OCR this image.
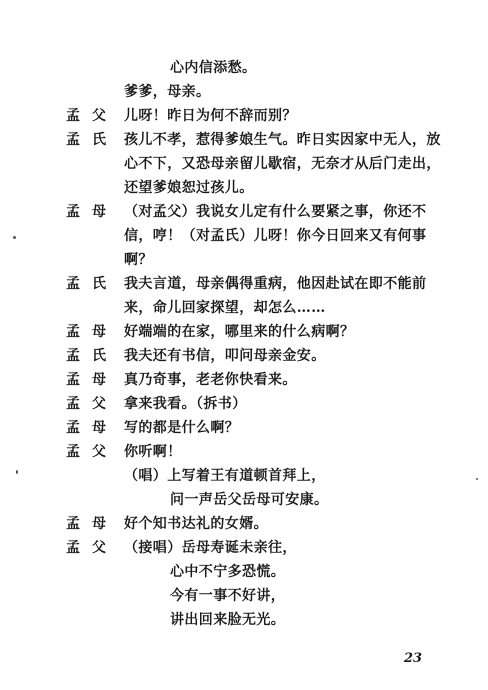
孟父
孟氏
孟母
孟氏
孟母
孟氏
孟母
孟父
孟母
孟父
孟母
孟父
心内信添愁。
爹爹，母亲。
儿呀！昨日为何不辞而别？
孩儿不孝，惹得爹娘生气。昨日实因家中无人，放
心不下，又恐母亲留儿歇宿，无奈才从后门走出，
还望爹娘恕过孩儿。
（对孟父）我说女儿定有什么要紧之事，你还不
信，哼！（对孟氏）儿呀！你今日回来又有何事
啊？
我夫言道，母亲偶得重病，他因赴试在即不能前
来，命儿回家探望，却怎么……
好端端的在家，哪里来的什么病啊？
我夫还有书信，叩问母亲金安。
真乃奇事，老老你快看来。
拿来我看。（拆书）
写的都是什么啊？
你听啊！
（唱）上写着王有道顿首拜上，
问一声岳父岳母可安康。
好个知书达礼的女婿。
（接唱）岳母寿诞未亲往，
心中不宁多恐慌。
今有一事不好讲，
讲出回来脸无光。
23
